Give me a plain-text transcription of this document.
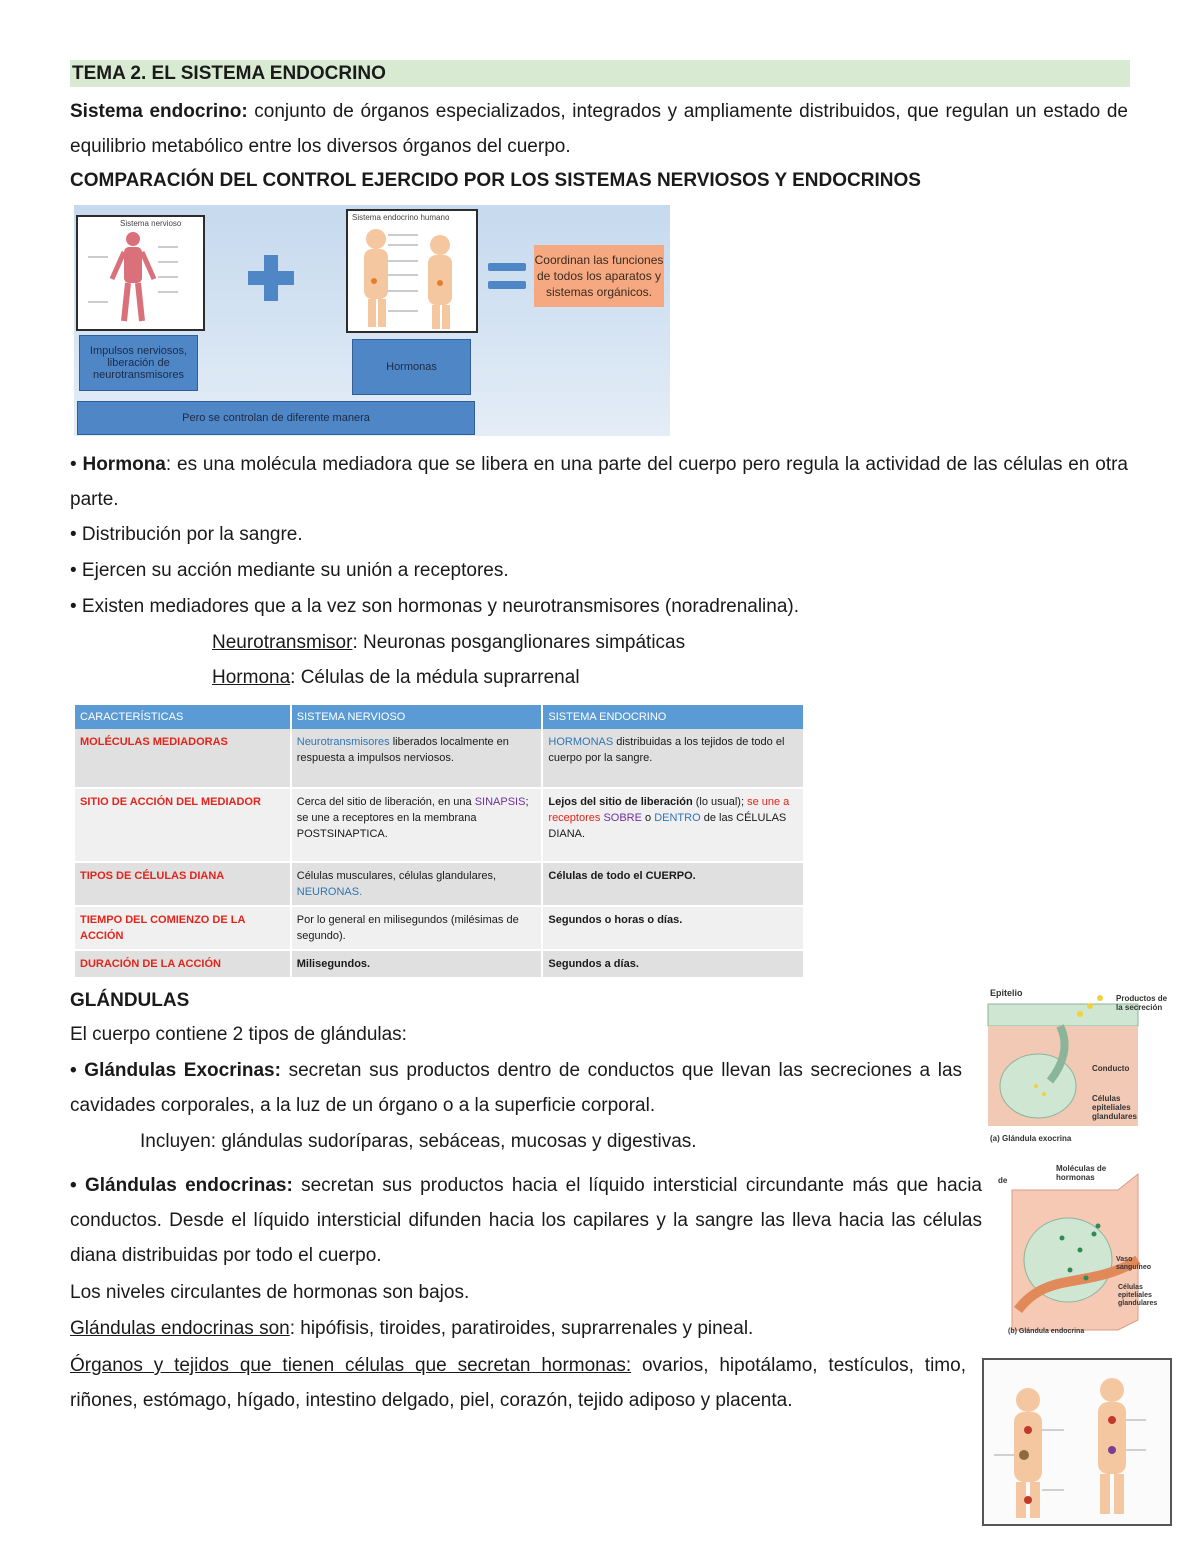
TEMA 2. EL SISTEMA ENDOCRINO
Sistema endocrino: conjunto de órganos especializados, integrados y ampliamente distribuidos, que regulan un estado de equilibrio metabólico entre los diversos órganos del cuerpo.
COMPARACIÓN DEL CONTROL EJERCIDO POR LOS SISTEMAS NERVIOSOS Y ENDOCRINOS
Sistema nervioso
Sistema endocrino humano
Coordinan las funciones de todos los aparatos y sistemas orgánicos.
Impulsos nerviosos, liberación de neurotransmisores
Hormonas
Pero se controlan de diferente manera
• Hormona: es una molécula mediadora que se libera en una parte del cuerpo pero regula la actividad de las células en otra parte.
• Distribución por la sangre.
• Ejercen su acción mediante su unión a receptores.
• Existen mediadores que a la vez son hormonas y neurotransmisores (noradrenalina).
Neurotransmisor: Neuronas posganglionares simpáticas
Hormona: Células de la médula suprarrenal
CARACTERÍSTICAS	SISTEMA NERVIOSO	SISTEMA ENDOCRINO
MOLÉCULAS MEDIADORAS	Neurotransmisores liberados localmente en respuesta a impulsos nerviosos.	HORMONAS distribuidas a los tejidos de todo el cuerpo por la sangre.
SITIO DE ACCIÓN DEL MEDIADOR	Cerca del sitio de liberación, en una SINAPSIS; se une a receptores en la membrana POSTSINAPTICA.	Lejos del sitio de liberación (lo usual); se une a receptores SOBRE o DENTRO de las CÉLULAS DIANA.
TIPOS DE CÉLULAS DIANA	Células musculares, células glandulares, NEURONAS.	Células de todo el CUERPO.
TIEMPO DEL COMIENZO DE LA ACCIÓN	Por lo general en milisegundos (milésimas de segundo).	Segundos o horas o días.
DURACIÓN DE LA ACCIÓN	Milisegundos.	Segundos a días.
GLÁNDULAS
El cuerpo contiene 2 tipos de glándulas:
• Glándulas Exocrinas: secretan sus productos dentro de conductos que llevan las secreciones a las cavidades corporales, a la luz de un órgano o a la superficie corporal.
Incluyen: glándulas sudoríparas, sebáceas, mucosas y digestivas.
• Glándulas endocrinas: secretan sus productos hacia el líquido intersticial circundante más que hacia conductos. Desde el líquido intersticial difunden hacia los capilares y la sangre las lleva hacia las células diana distribuidas por todo el cuerpo.
Los niveles circulantes de hormonas son bajos.
Glándulas endocrinas son: hipófisis, tiroides, paratiroides, suprarrenales y pineal.
Órganos y tejidos que tienen células que secretan hormonas: ovarios, hipotálamo, testículos, timo, riñones, estómago, hígado, intestino delgado, piel, corazón, tejido adiposo y placenta.
Epitelio
Productos de la secreción
Conducto
Células epiteliales glandulares
(a) Glándula exocrina
Moléculas de hormonas
de
Vaso sanguíneo
Células epiteliales glandulares
(b) Glándula endocrina
